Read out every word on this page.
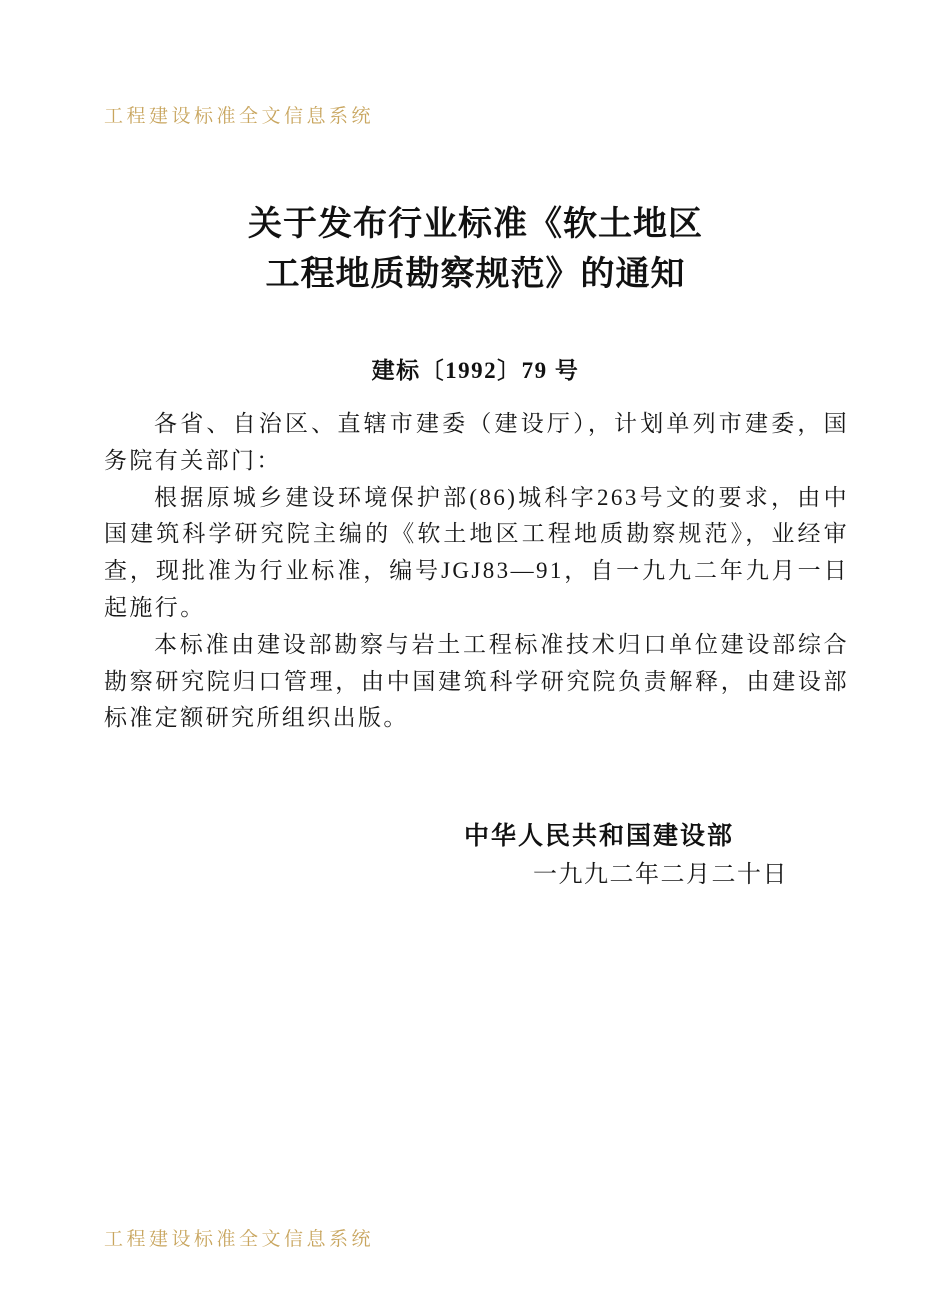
工程建设标准全文信息系统
关于发布行业标准《软土地区
工程地质勘察规范》的通知
建标〔1992〕79 号

各省、自治区、直辖市建委（建设厅），计划单列市建委，国务院有关部门：

根据原城乡建设环境保护部(86)城科字263号文的要求，由中国建筑科学研究院主编的《软土地区工程地质勘察规范》，业经审查，现批准为行业标准，编号JGJ83—91，自一九九二年九月一日起施行。

本标准由建设部勘察与岩土工程标准技术归口单位建设部综合勘察研究院归口管理，由中国建筑科学研究院负责解释，由建设部标准定额研究所组织出版。

中华人民共和国建设部
一九九二年二月二十日
工程建设标准全文信息系统
